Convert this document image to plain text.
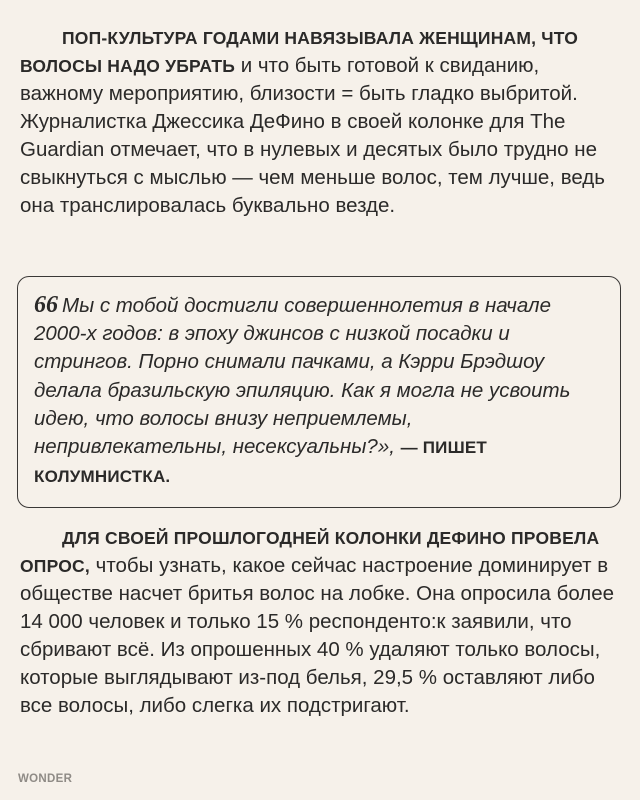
ПОП-КУЛЬТУРА ГОДАМИ НАВЯЗЫВАЛА ЖЕНЩИНАМ, ЧТО ВОЛОСЫ НАДО УБРАТЬ и что быть готовой к свиданию, важному мероприятию, близости = быть гладко выбритой. Журналистка Джессика ДеФино в своей колонке для The Guardian отмечает, что в нулевых и десятых было трудно не свыкнуться с мыслью — чем меньше волос, тем лучше, ведь она транслировалась буквально везде.

66 Мы с тобой достигли совершеннолетия в начале 2000-х годов: в эпоху джинсов с низкой посадки и стрингов. Порно снимали пачками, а Кэрри Брэдшоу делала бразильскую эпиляцию. Как я могла не усвоить идею, что волосы внизу неприемлемы, непривлекательны, несексуальны?», — ПИШЕТ КОЛУМНИСТКА.

ДЛЯ СВОЕЙ ПРОШЛОГОДНЕЙ КОЛОНКИ ДЕФИНО ПРОВЕЛА ОПРОС, чтобы узнать, какое сейчас настроение доминирует в обществе насчет бритья волос на лобке. Она опросила более 14 000 человек и только 15 % респонденто:к заявили, что сбривают всё. Из опрошенных 40 % удаляют только волосы, которые выглядывают из-под белья, 29,5 % оставляют либо все волосы, либо слегка их подстригают.

WONDER
